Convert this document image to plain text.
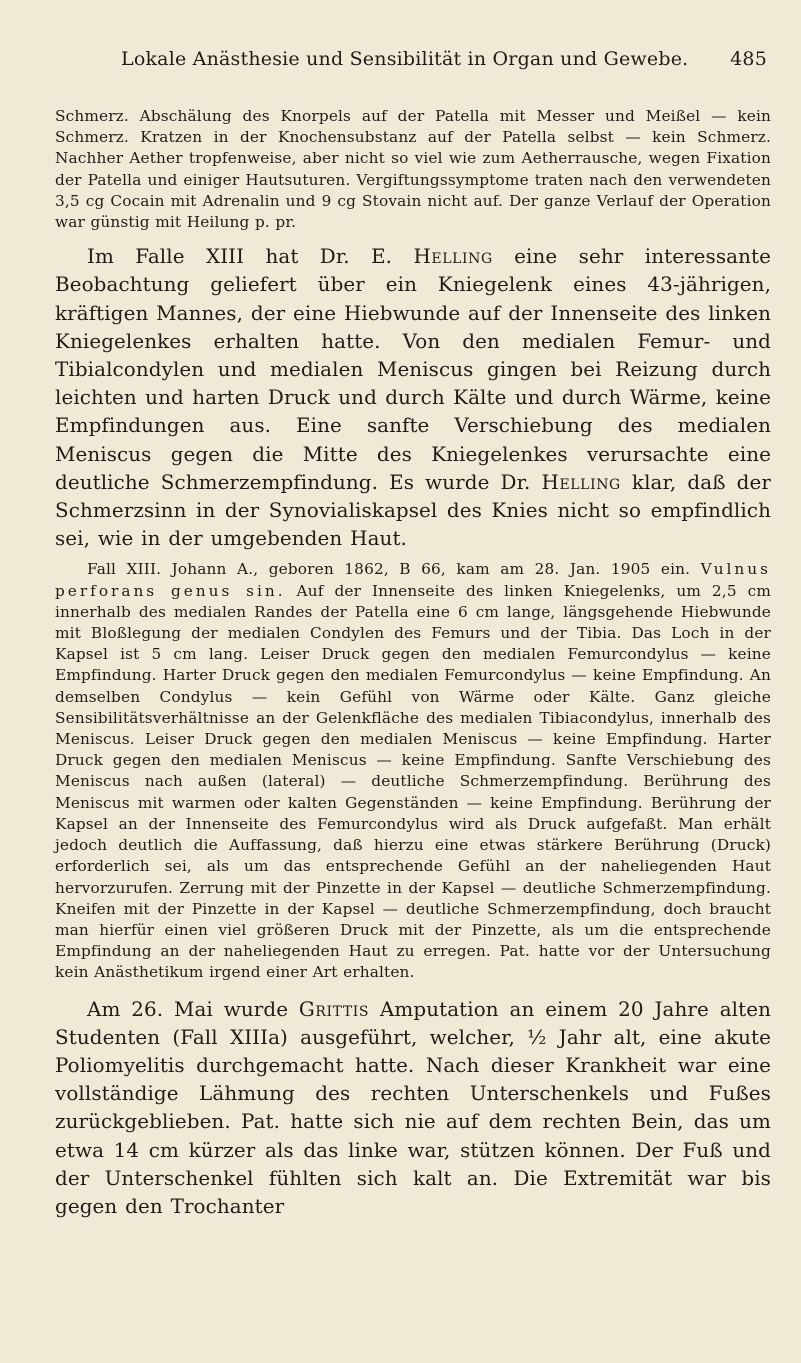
Lokale Anästhesie und Sensibilität in Organ und Gewebe. 485

Schmerz. Abschälung des Knorpels auf der Patella mit Messer und Meißel — kein Schmerz. Kratzen in der Knochensubstanz auf der Patella selbst — kein Schmerz. Nachher Aether tropfenweise, aber nicht so viel wie zum Aetherrausche, wegen Fixation der Patella und einiger Hautsuturen. Vergiftungssymptome traten nach den verwendeten 3,5 cg Cocain mit Adrenalin und 9 cg Stovain nicht auf. Der ganze Verlauf der Operation war günstig mit Heilung p. pr.

Im Falle XIII hat Dr. E. Helling eine sehr interessante Beobachtung geliefert über ein Kniegelenk eines 43-jährigen, kräftigen Mannes, der eine Hiebwunde auf der Innenseite des linken Kniegelenkes erhalten hatte. Von den medialen Femur- und Tibialcondylen und medialen Meniscus gingen bei Reizung durch leichten und harten Druck und durch Kälte und durch Wärme, keine Empfindungen aus. Eine sanfte Verschiebung des medialen Meniscus gegen die Mitte des Kniegelenkes verursachte eine deutliche Schmerzempfindung. Es wurde Dr. Helling klar, daß der Schmerzsinn in der Synovialiskapsel des Knies nicht so empfindlich sei, wie in der umgebenden Haut.

Fall XIII. Johann A., geboren 1862, B 66, kam am 28. Jan. 1905 ein. Vulnus perforans genus sin. Auf der Innenseite des linken Kniegelenks, um 2,5 cm innerhalb des medialen Randes der Patella eine 6 cm lange, längsgehende Hiebwunde mit Bloßlegung der medialen Condylen des Femurs und der Tibia. Das Loch in der Kapsel ist 5 cm lang. Leiser Druck gegen den medialen Femurcondylus — keine Empfindung. Harter Druck gegen den medialen Femurcondylus — keine Empfindung. An demselben Condylus — kein Gefühl von Wärme oder Kälte. Ganz gleiche Sensibilitätsverhältnisse an der Gelenkfläche des medialen Tibiacondylus, innerhalb des Meniscus. Leiser Druck gegen den medialen Meniscus — keine Empfindung. Harter Druck gegen den medialen Meniscus — keine Empfindung. Sanfte Verschiebung des Meniscus nach außen (lateral) — deutliche Schmerzempfindung. Berührung des Meniscus mit warmen oder kalten Gegenständen — keine Empfindung. Berührung der Kapsel an der Innenseite des Femurcondylus wird als Druck aufgefaßt. Man erhält jedoch deutlich die Auffassung, daß hierzu eine etwas stärkere Berührung (Druck) erforderlich sei, als um das entsprechende Gefühl an der naheliegenden Haut hervorzurufen. Zerrung mit der Pinzette in der Kapsel — deutliche Schmerzempfindung. Kneifen mit der Pinzette in der Kapsel — deutliche Schmerzempfindung, doch braucht man hierfür einen viel größeren Druck mit der Pinzette, als um die entsprechende Empfindung an der naheliegenden Haut zu erregen. Pat. hatte vor der Untersuchung kein Anästhetikum irgend einer Art erhalten.

Am 26. Mai wurde Grittis Amputation an einem 20 Jahre alten Studenten (Fall XIIIa) ausgeführt, welcher, ½ Jahr alt, eine akute Poliomyelitis durchgemacht hatte. Nach dieser Krankheit war eine vollständige Lähmung des rechten Unterschenkels und Fußes zurückgeblieben. Pat. hatte sich nie auf dem rechten Bein, das um etwa 14 cm kürzer als das linke war, stützen können. Der Fuß und der Unterschenkel fühlten sich kalt an. Die Extremität war bis gegen den Trochanter
